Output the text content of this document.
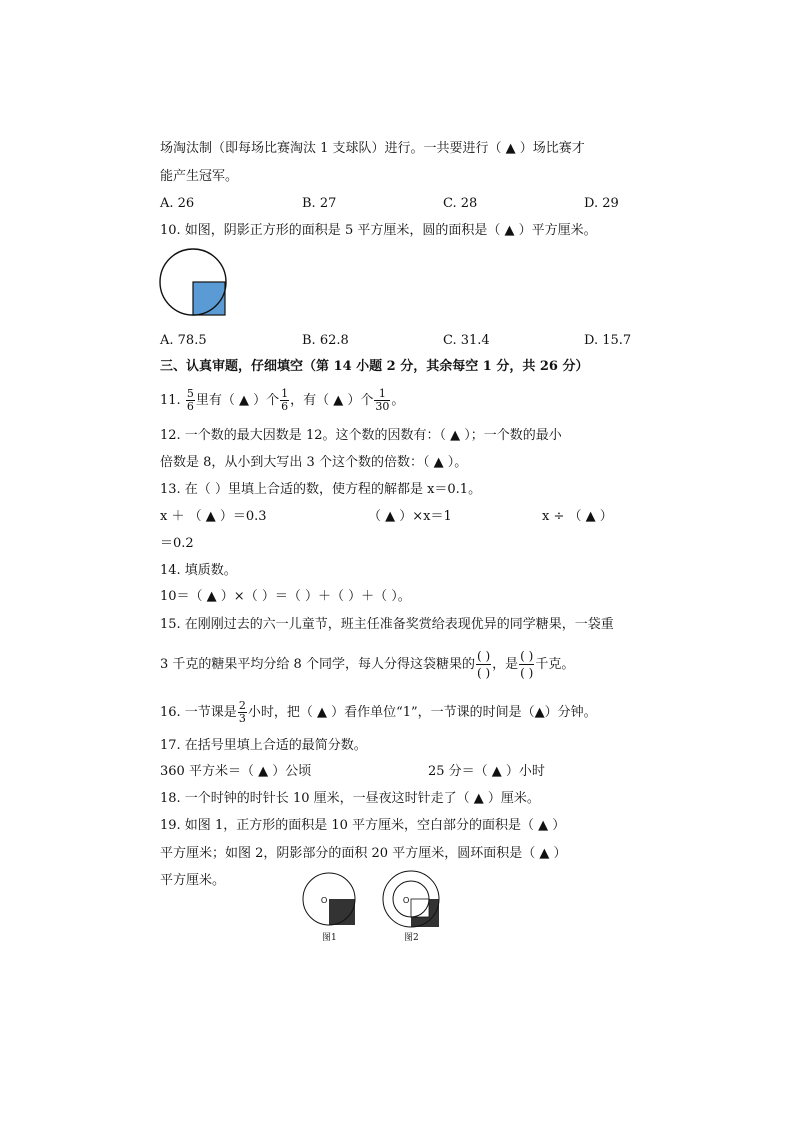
场淘汰制（即每场比赛淘汰 1 支球队）进行。一共要进行（ ▲ ）场比赛才
能产生冠军。
A. 26	B. 27	C. 28	D. 29
10. 如图，阴影正方形的面积是 5 平方厘米，圆的面积是（ ▲ ）平方厘米。
A. 78.5	B. 62.8	C. 31.4	D. 15.7
三、认真审题，仔细填空（第 14 小题 2 分，其余每空 1 分，共 26 分）
11. $\frac{5}{6}$ 里有（ ▲ ）个 $\frac{1}{6}$ ，有（ ▲ ）个 $\frac{1}{30}$ 。
12. 一个数的最大因数是 12。这个数的因数有：（ ▲ ）；一个数的最小
倍数是 8，从小到大写出 3 个这个数的倍数：（ ▲ ）。
13. 在（ ）里填上合适的数，使方程的解都是 x＝0.1。
x ＋ （ ▲ ）＝0.3	（ ▲ ）×x＝1	x ÷ （ ▲ ）
＝0.2
14. 填质数。
10＝（ ▲ ）×（ ）＝（ ）＋（ ）＋（ ）。
15. 在刚刚过去的六一儿童节，班主任准备奖赏给表现优异的同学糖果，一袋重
3 千克的糖果平均分给 8 个同学，每人分得这袋糖果的 $\frac{( )}{( )}$ ，是 $\frac{( )}{( )}$ 千克。
16. 一节课是 $\frac{2}{3}$ 小时，把（ ▲ ）看作单位“1”，一节课的时间是（▲）分钟。
17. 在括号里填上合适的最简分数。
360 平方米＝（ ▲ ）公顷	25 分＝（ ▲ ）小时
18. 一个时钟的时针长 10 厘米，一昼夜这时针走了（ ▲ ）厘米。
19. 如图 1，正方形的面积是 10 平方厘米，空白部分的面积是（ ▲ ）
平方厘米；如图 2，阴影部分的面积 20 平方厘米，圆环面积是（ ▲ ）
平方厘米。
O
图1
O
图2
